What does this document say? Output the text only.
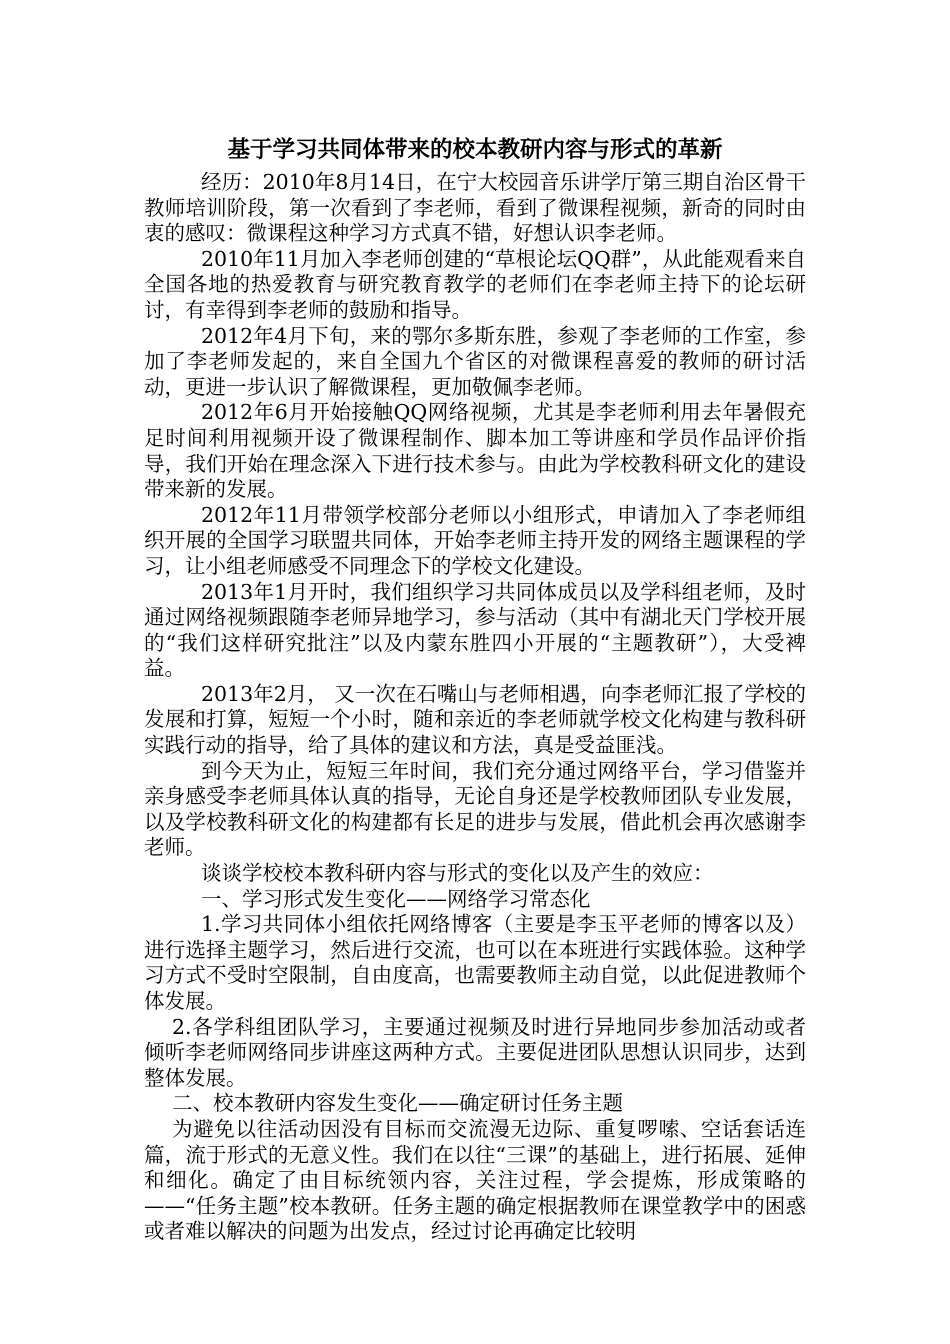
基于学习共同体带来的校本教研内容与形式的革新

经历：2010年8月14日，在宁大校园音乐讲学厅第三期自治区骨干教师培训阶段，第一次看到了李老师，看到了微课程视频，新奇的同时由衷的感叹：微课程这种学习方式真不错，好想认识李老师。

2010年11月加入李老师创建的“草根论坛QQ群”，从此能观看来自全国各地的热爱教育与研究教育教学的老师们在李老师主持下的论坛研讨，有幸得到李老师的鼓励和指导。

2012年4月下旬，来的鄂尔多斯东胜，参观了李老师的工作室，参加了李老师发起的，来自全国九个省区的对微课程喜爱的教师的研讨活动，更进一步认识了解微课程，更加敬佩李老师。

2012年6月开始接触QQ网络视频，尤其是李老师利用去年暑假充足时间利用视频开设了微课程制作、脚本加工等讲座和学员作品评价指导，我们开始在理念深入下进行技术参与。由此为学校教科研文化的建设带来新的发展。

2012年11月带领学校部分老师以小组形式，申请加入了李老师组织开展的全国学习联盟共同体，开始李老师主持开发的网络主题课程的学习，让小组老师感受不同理念下的学校文化建设。

2013年1月开时，我们组织学习共同体成员以及学科组老师，及时通过网络视频跟随李老师异地学习，参与活动（其中有湖北天门学校开展的“我们这样研究批注”以及内蒙东胜四小开展的“主题教研”），大受裨益。

2013年2月， 又一次在石嘴山与老师相遇，向李老师汇报了学校的发展和打算，短短一个小时，随和亲近的李老师就学校文化构建与教科研实践行动的指导，给了具体的建议和方法，真是受益匪浅。

到今天为止，短短三年时间，我们充分通过网络平台，学习借鉴并亲身感受李老师具体认真的指导，无论自身还是学校教师团队专业发展，以及学校教科研文化的构建都有长足的进步与发展，借此机会再次感谢李老师。

谈谈学校校本教科研内容与形式的变化以及产生的效应：

一、学习形式发生变化——网络学习常态化

1.学习共同体小组依托网络博客（主要是李玉平老师的博客以及）进行选择主题学习，然后进行交流，也可以在本班进行实践体验。这种学习方式不受时空限制，自由度高，也需要教师主动自觉，以此促进教师个体发展。

2.各学科组团队学习，主要通过视频及时进行异地同步参加活动或者倾听李老师网络同步讲座这两种方式。主要促进团队思想认识同步，达到整体发展。

二、校本教研内容发生变化——确定研讨任务主题

为避免以往活动因没有目标而交流漫无边际、重复啰嗦、空话套话连篇，流于形式的无意义性。我们在以往“三课”的基础上，进行拓展、延伸和细化。确定了由目标统领内容，关注过程，学会提炼，形成策略的——“任务主题”校本教研。任务主题的确定根据教师在课堂教学中的困惑或者难以解决的问题为出发点，经过讨论再确定比较明
